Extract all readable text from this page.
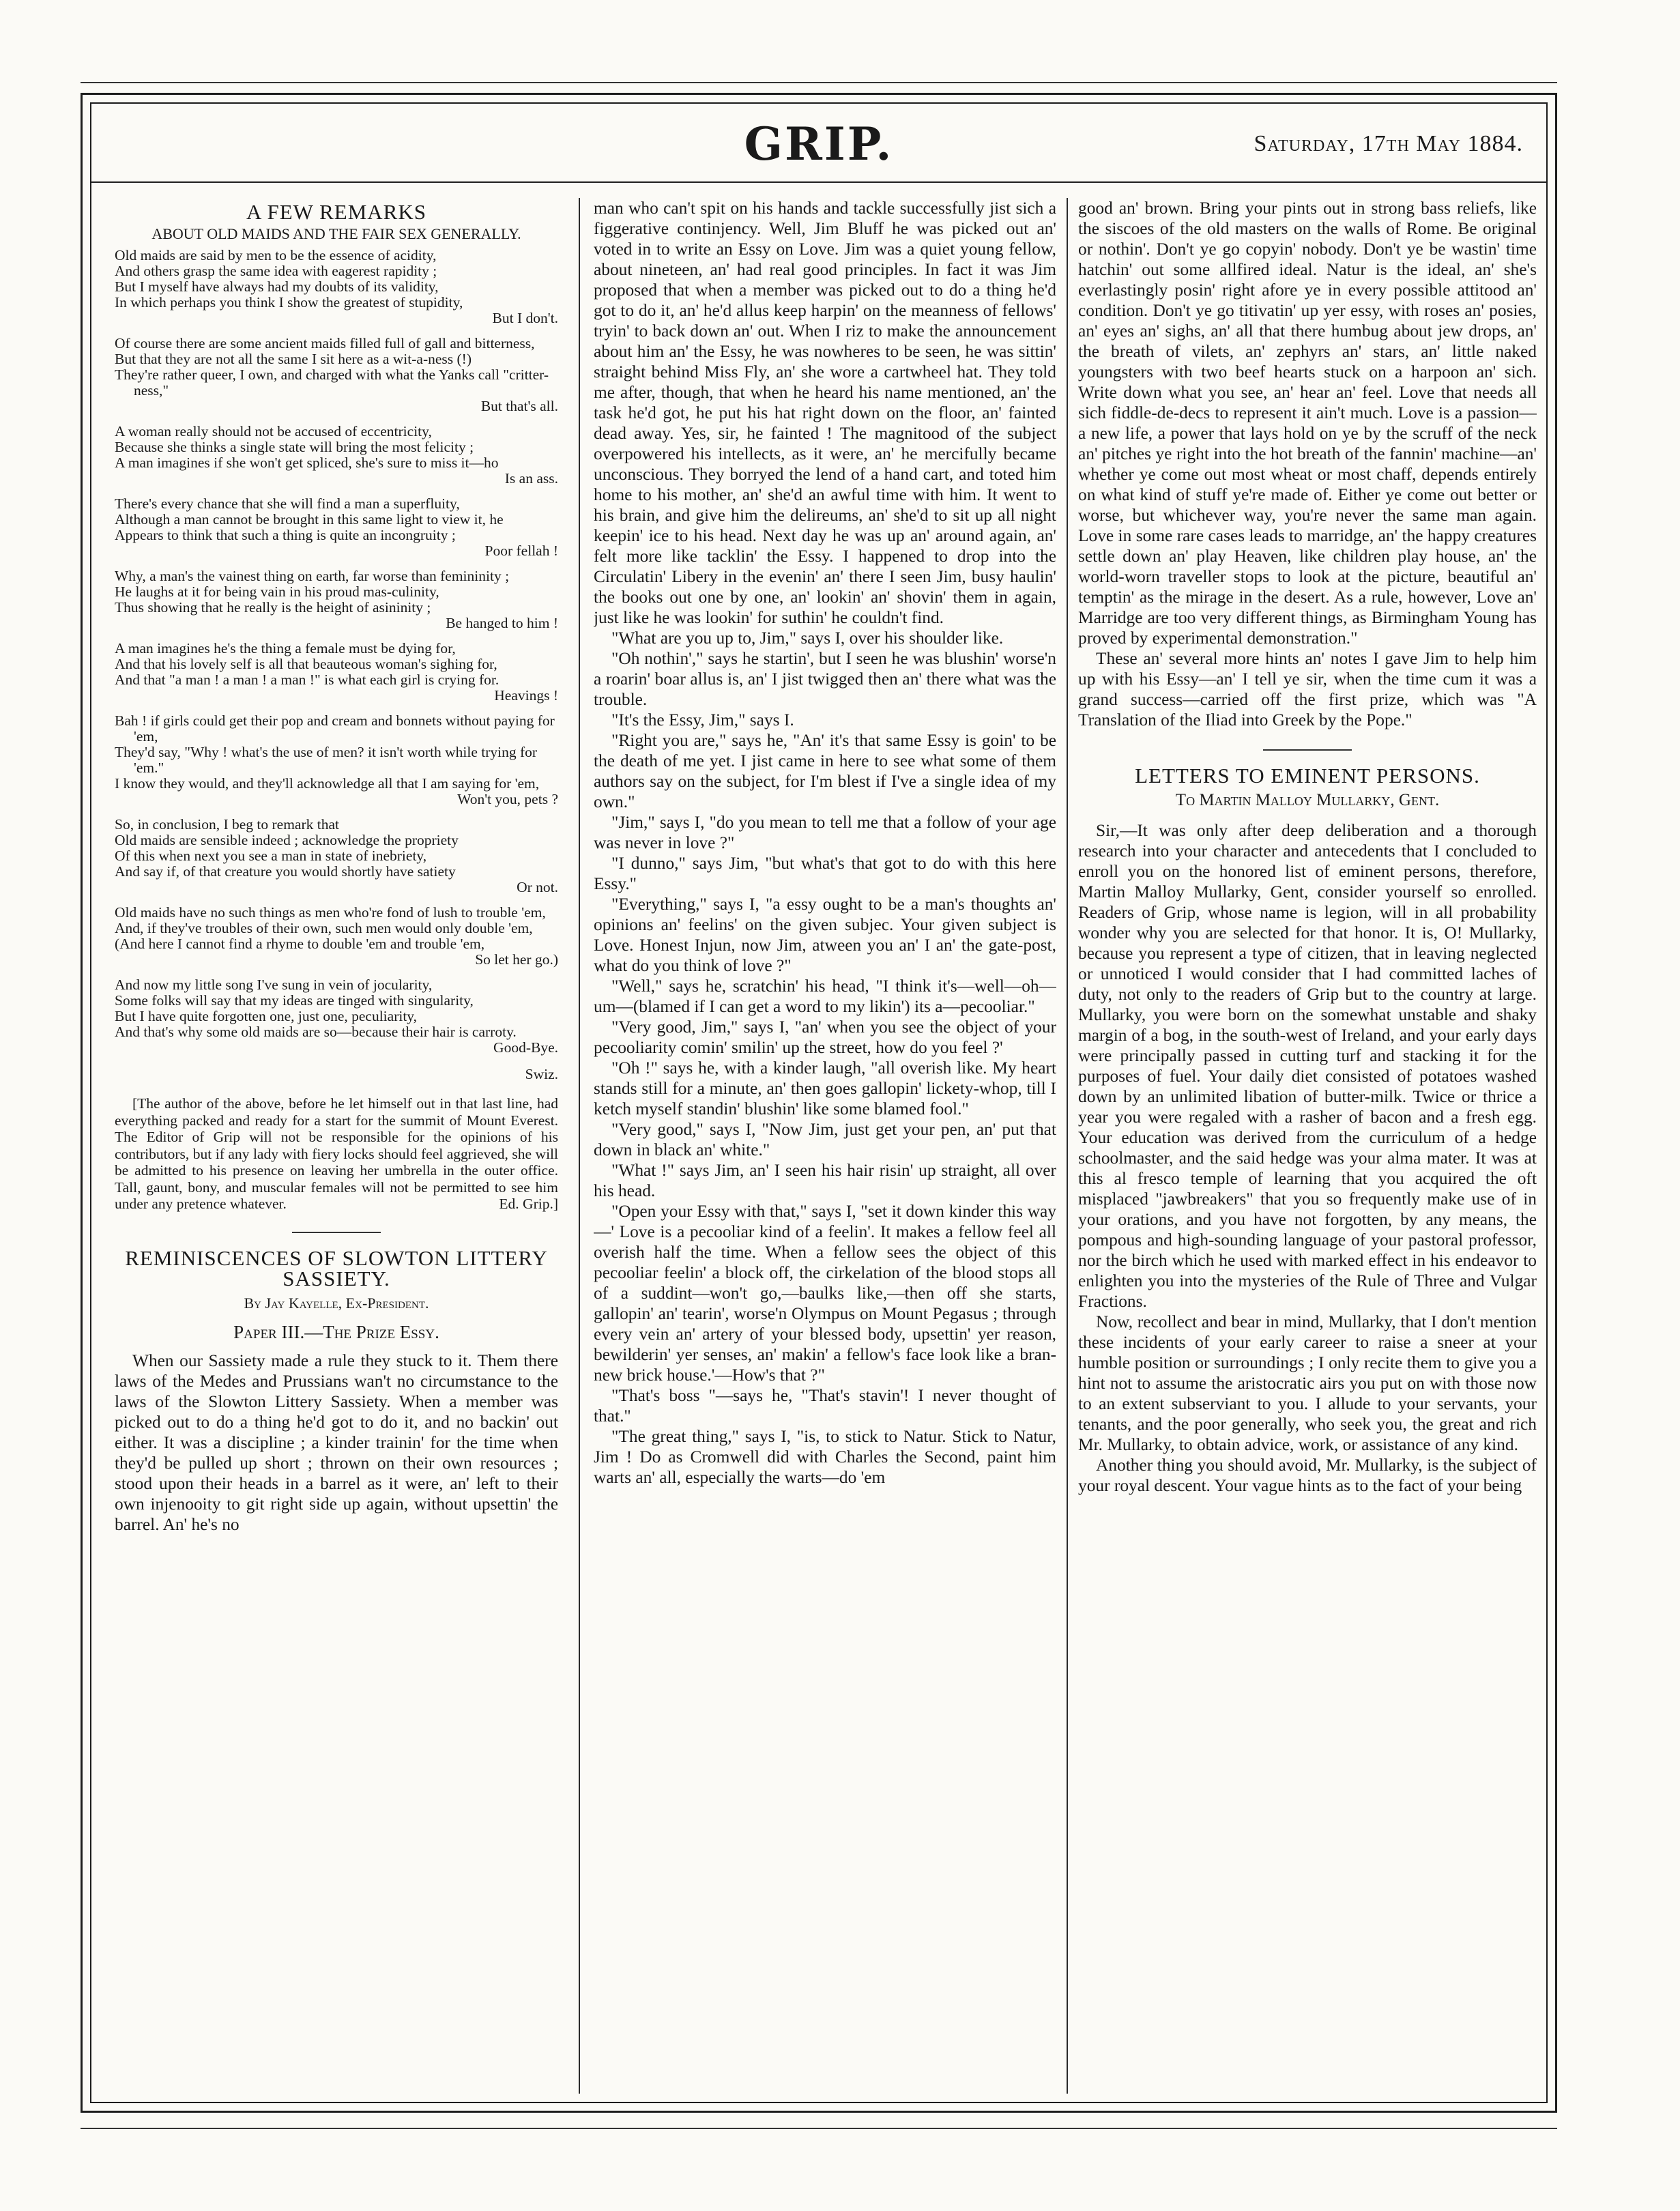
GRIP.	Saturday, 17th May 1884.
A FEW REMARKS
ABOUT OLD MAIDS AND THE FAIR SEX GENERALLY.

Old maids are said by men to be the essence of acidity,

And others grasp the same idea with eagerest rapidity ;

But I myself have always had my doubts of its validity,

In which perhaps you think I show the greatest of stupidity,

But I don't.

Of course there are some ancient maids filled full of gall and bitterness,

But that they are not all the same I sit here as a wit-a-ness (!)

They're rather queer, I own, and charged with what the Yanks call "critter-ness,"

But that's all.

A woman really should not be accused of eccentricity,

Because she thinks a single state will bring the most felicity ;

A man imagines if she won't get spliced, she's sure to miss it—ho

Is an ass.

There's every chance that she will find a man a superfluity,

Although a man cannot be brought in this same light to view it, he

Appears to think that such a thing is quite an incongruity ;

Poor fellah !

Why, a man's the vainest thing on earth, far worse than femininity ;

He laughs at it for being vain in his proud mas-culinity,

Thus showing that he really is the height of asininity ;

Be hanged to him !

A man imagines he's the thing a female must be dying for,

And that his lovely self is all that beauteous woman's sighing for,

And that "a man ! a man ! a man !" is what each girl is crying for.

Heavings !

Bah ! if girls could get their pop and cream and bonnets without paying for 'em,

They'd say, "Why ! what's the use of men? it isn't worth while trying for 'em."

I know they would, and they'll acknowledge all that I am saying for 'em,

Won't you, pets ?

So, in conclusion, I beg to remark that

Old maids are sensible indeed ; acknowledge the propriety

Of this when next you see a man in state of inebriety,

And say if, of that creature you would shortly have satiety

Or not.

Old maids have no such things as men who're fond of lush to trouble 'em,

And, if they've troubles of their own, such men would only double 'em,

(And here I cannot find a rhyme to double 'em and trouble 'em,

So let her go.)

And now my little song I've sung in vein of jocularity,

Some folks will say that my ideas are tinged with singularity,

But I have quite forgotten one, just one, peculiarity,

And that's why some old maids are so—because their hair is carroty.

Good-Bye.

Swiz.
[The author of the above, before he let himself out in that last line, had everything packed and ready for a start for the summit of Mount Everest. The Editor of Grip will not be responsible for the opinions of his contributors, but if any lady with fiery locks should feel aggrieved, she will be admitted to his presence on leaving her umbrella in the outer office. Tall, gaunt, bony, and muscular females will not be permitted to see him under any pretence whatever.	Ed. Grip.]
REMINISCENCES OF SLOWTON LITTERY SASSIETY.
By Jay Kayelle, Ex-President.
Paper III.—The Prize Essy.

When our Sassiety made a rule they stuck to it. Them there laws of the Medes and Prussians wan't no circumstance to the laws of the Slowton Littery Sassiety. When a member was picked out to do a thing he'd got to do it, and no backin' out either. It was a discipline ; a kinder trainin' for the time when they'd be pulled up short ; thrown on their own resources ; stood upon their heads in a barrel as it were, an' left to their own injenooity to git right side up again, without upsettin' the barrel. An' he's no

man who can't spit on his hands and tackle successfully jist sich a figgerative continjency. Well, Jim Bluff he was picked out an' voted in to write an Essy on Love. Jim was a quiet young fellow, about nineteen, an' had real good principles. In fact it was Jim proposed that when a member was picked out to do a thing he'd got to do it, an' he'd allus keep harpin' on the meanness of fellows' tryin' to back down an' out. When I riz to make the announcement about him an' the Essy, he was nowheres to be seen, he was sittin' straight behind Miss Fly, an' she wore a cartwheel hat. They told me after, though, that when he heard his name mentioned, an' the task he'd got, he put his hat right down on the floor, an' fainted dead away. Yes, sir, he fainted ! The magnitood of the subject overpowered his intellects, as it were, an' he mercifully became unconscious. They borryed the lend of a hand cart, and toted him home to his mother, an' she'd an awful time with him. It went to his brain, and give him the delireums, an' she'd to sit up all night keepin' ice to his head. Next day he was up an' around again, an' felt more like tacklin' the Essy. I happened to drop into the Circulatin' Libery in the evenin' an' there I seen Jim, busy haulin' the books out one by one, an' lookin' an' shovin' them in again, just like he was lookin' for suthin' he couldn't find.

"What are you up to, Jim," says I, over his shoulder like.

"Oh nothin'," says he startin', but I seen he was blushin' worse'n a roarin' boar allus is, an' I jist twigged then an' there what was the trouble.

"It's the Essy, Jim," says I.

"Right you are," says he, "An' it's that same Essy is goin' to be the death of me yet. I jist came in here to see what some of them authors say on the subject, for I'm blest if I've a single idea of my own."

"Jim," says I, "do you mean to tell me that a follow of your age was never in love ?"

"I dunno," says Jim, "but what's that got to do with this here Essy."

"Everything," says I, "a essy ought to be a man's thoughts an' opinions an' feelins' on the given subjec. Your given subject is Love. Honest Injun, now Jim, atween you an' I an' the gate-post, what do you think of love ?"

"Well," says he, scratchin' his head, "I think it's—well—oh—um—(blamed if I can get a word to my likin') its a—pecooliar."

"Very good, Jim," says I, "an' when you see the object of your pecooliarity comin' smilin' up the street, how do you feel ?'

"Oh !" says he, with a kinder laugh, "all overish like. My heart stands still for a minute, an' then goes gallopin' lickety-whop, till I ketch myself standin' blushin' like some blamed fool."

"Very good," says I, "Now Jim, just get your pen, an' put that down in black an' white."

"What !" says Jim, an' I seen his hair risin' up straight, all over his head.

"Open your Essy with that," says I, "set it down kinder this way—' Love is a pecooliar kind of a feelin'. It makes a fellow feel all overish half the time. When a fellow sees the object of this pecooliar feelin' a block off, the cirkelation of the blood stops all of a suddint—won't go,—baulks like,—then off she starts, gallopin' an' tearin', worse'n Olympus on Mount Pegasus ; through every vein an' artery of your blessed body, upsettin' yer reason, bewilderin' yer senses, an' makin' a fellow's face look like a bran-new brick house.'—How's that ?"

"That's boss "—says he, "That's stavin'! I never thought of that."

"The great thing," says I, "is, to stick to Natur. Stick to Natur, Jim ! Do as Cromwell did with Charles the Second, paint him warts an' all, especially the warts—do 'em

good an' brown. Bring your pints out in strong bass reliefs, like the siscoes of the old masters on the walls of Rome. Be original or nothin'. Don't ye go copyin' nobody. Don't ye be wastin' time hatchin' out some allfired ideal. Natur is the ideal, an' she's everlastingly posin' right afore ye in every possible attitood an' condition. Don't ye go titivatin' up yer essy, with roses an' posies, an' eyes an' sighs, an' all that there humbug about jew drops, an' the breath of vilets, an' zephyrs an' stars, an' little naked youngsters with two beef hearts stuck on a harpoon an' sich. Write down what you see, an' hear an' feel. Love that needs all sich fiddle-de-decs to represent it ain't much. Love is a passion—a new life, a power that lays hold on ye by the scruff of the neck an' pitches ye right into the hot breath of the fannin' machine—an' whether ye come out most wheat or most chaff, depends entirely on what kind of stuff ye're made of. Either ye come out better or worse, but whichever way, you're never the same man again. Love in some rare cases leads to marridge, an' the happy creatures settle down an' play Heaven, like children play house, an' the world-worn traveller stops to look at the picture, beautiful an' temptin' as the mirage in the desert. As a rule, however, Love an' Marridge are too very different things, as Birmingham Young has proved by experimental demonstration."

These an' several more hints an' notes I gave Jim to help him up with his Essy—an' I tell ye sir, when the time cum it was a grand success—carried off the first prize, which was "A Translation of the Iliad into Greek by the Pope."

LETTERS TO EMINENT PERSONS.
To Martin Malloy Mullarky, Gent.

Sir,—It was only after deep deliberation and a thorough research into your character and antecedents that I concluded to enroll you on the honored list of eminent persons, therefore, Martin Malloy Mullarky, Gent, consider yourself so enrolled. Readers of Grip, whose name is legion, will in all probability wonder why you are selected for that honor. It is, O! Mullarky, because you represent a type of citizen, that in leaving neglected or unnoticed I would consider that I had committed laches of duty, not only to the readers of Grip but to the country at large. Mullarky, you were born on the somewhat unstable and shaky margin of a bog, in the south-west of Ireland, and your early days were principally passed in cutting turf and stacking it for the purposes of fuel. Your daily diet consisted of potatoes washed down by an unlimited libation of butter-milk. Twice or thrice a year you were regaled with a rasher of bacon and a fresh egg. Your education was derived from the curriculum of a hedge schoolmaster, and the said hedge was your alma mater. It was at this al fresco temple of learning that you acquired the oft misplaced "jawbreakers" that you so frequently make use of in your orations, and you have not forgotten, by any means, the pompous and high-sounding language of your pastoral professor, nor the birch which he used with marked effect in his endeavor to enlighten you into the mysteries of the Rule of Three and Vulgar Fractions.

Now, recollect and bear in mind, Mullarky, that I don't mention these incidents of your early career to raise a sneer at your humble position or surroundings ; I only recite them to give you a hint not to assume the aristocratic airs you put on with those now to an extent subserviant to you. I allude to your servants, your tenants, and the poor generally, who seek you, the great and rich Mr. Mullarky, to obtain advice, work, or assistance of any kind.

Another thing you should avoid, Mr. Mullarky, is the subject of your royal descent. Your vague hints as to the fact of your being
